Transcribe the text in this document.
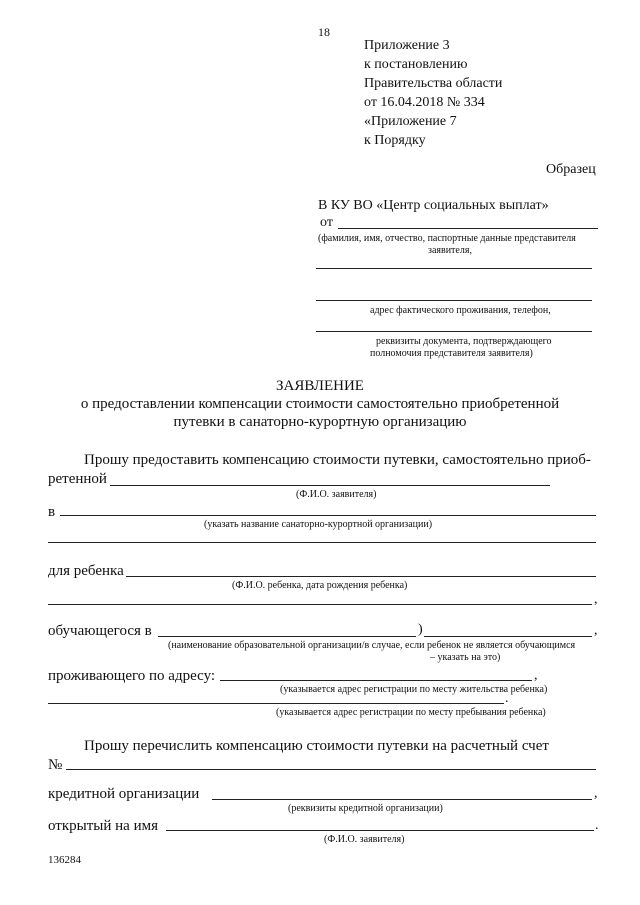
18
Приложение 3
к постановлению
Правительства области
от 16.04.2018 № 334
«Приложение 7
к Порядку
Образец
В КУ ВО «Центр социальных выплат»
от
(фамилия, имя, отчество, паспортные данные представителя
заявителя,
адрес фактического проживания, телефон,
реквизиты документа, подтверждающего
полномочия представителя заявителя)
ЗАЯВЛЕНИЕ
о предоставлении компенсации стоимости самостоятельно приобретенной
путевки в санаторно-курортную организацию
Прошу предоставить компенсацию стоимости путевки, самостоятельно приоб-
ретенной
(Ф.И.О. заявителя)
в
(указать название санаторно-курортной организации)
для ребенка
(Ф.И.О. ребенка, дата рождения ребенка)
,
обучающегося в	)	,
(наименование образовательной организации/в случае, если ребенок не является обучающимся
– указать на это)
проживающего по адресу:	,
(указывается адрес регистрации по месту жительства ребенка)
.
(указывается адрес регистрации по месту пребывания ребенка)
Прошу перечислить компенсацию стоимости путевки на расчетный счет
№
кредитной организации	,
(реквизиты кредитной организации)
открытый на имя	.
(Ф.И.О. заявителя)
136284
